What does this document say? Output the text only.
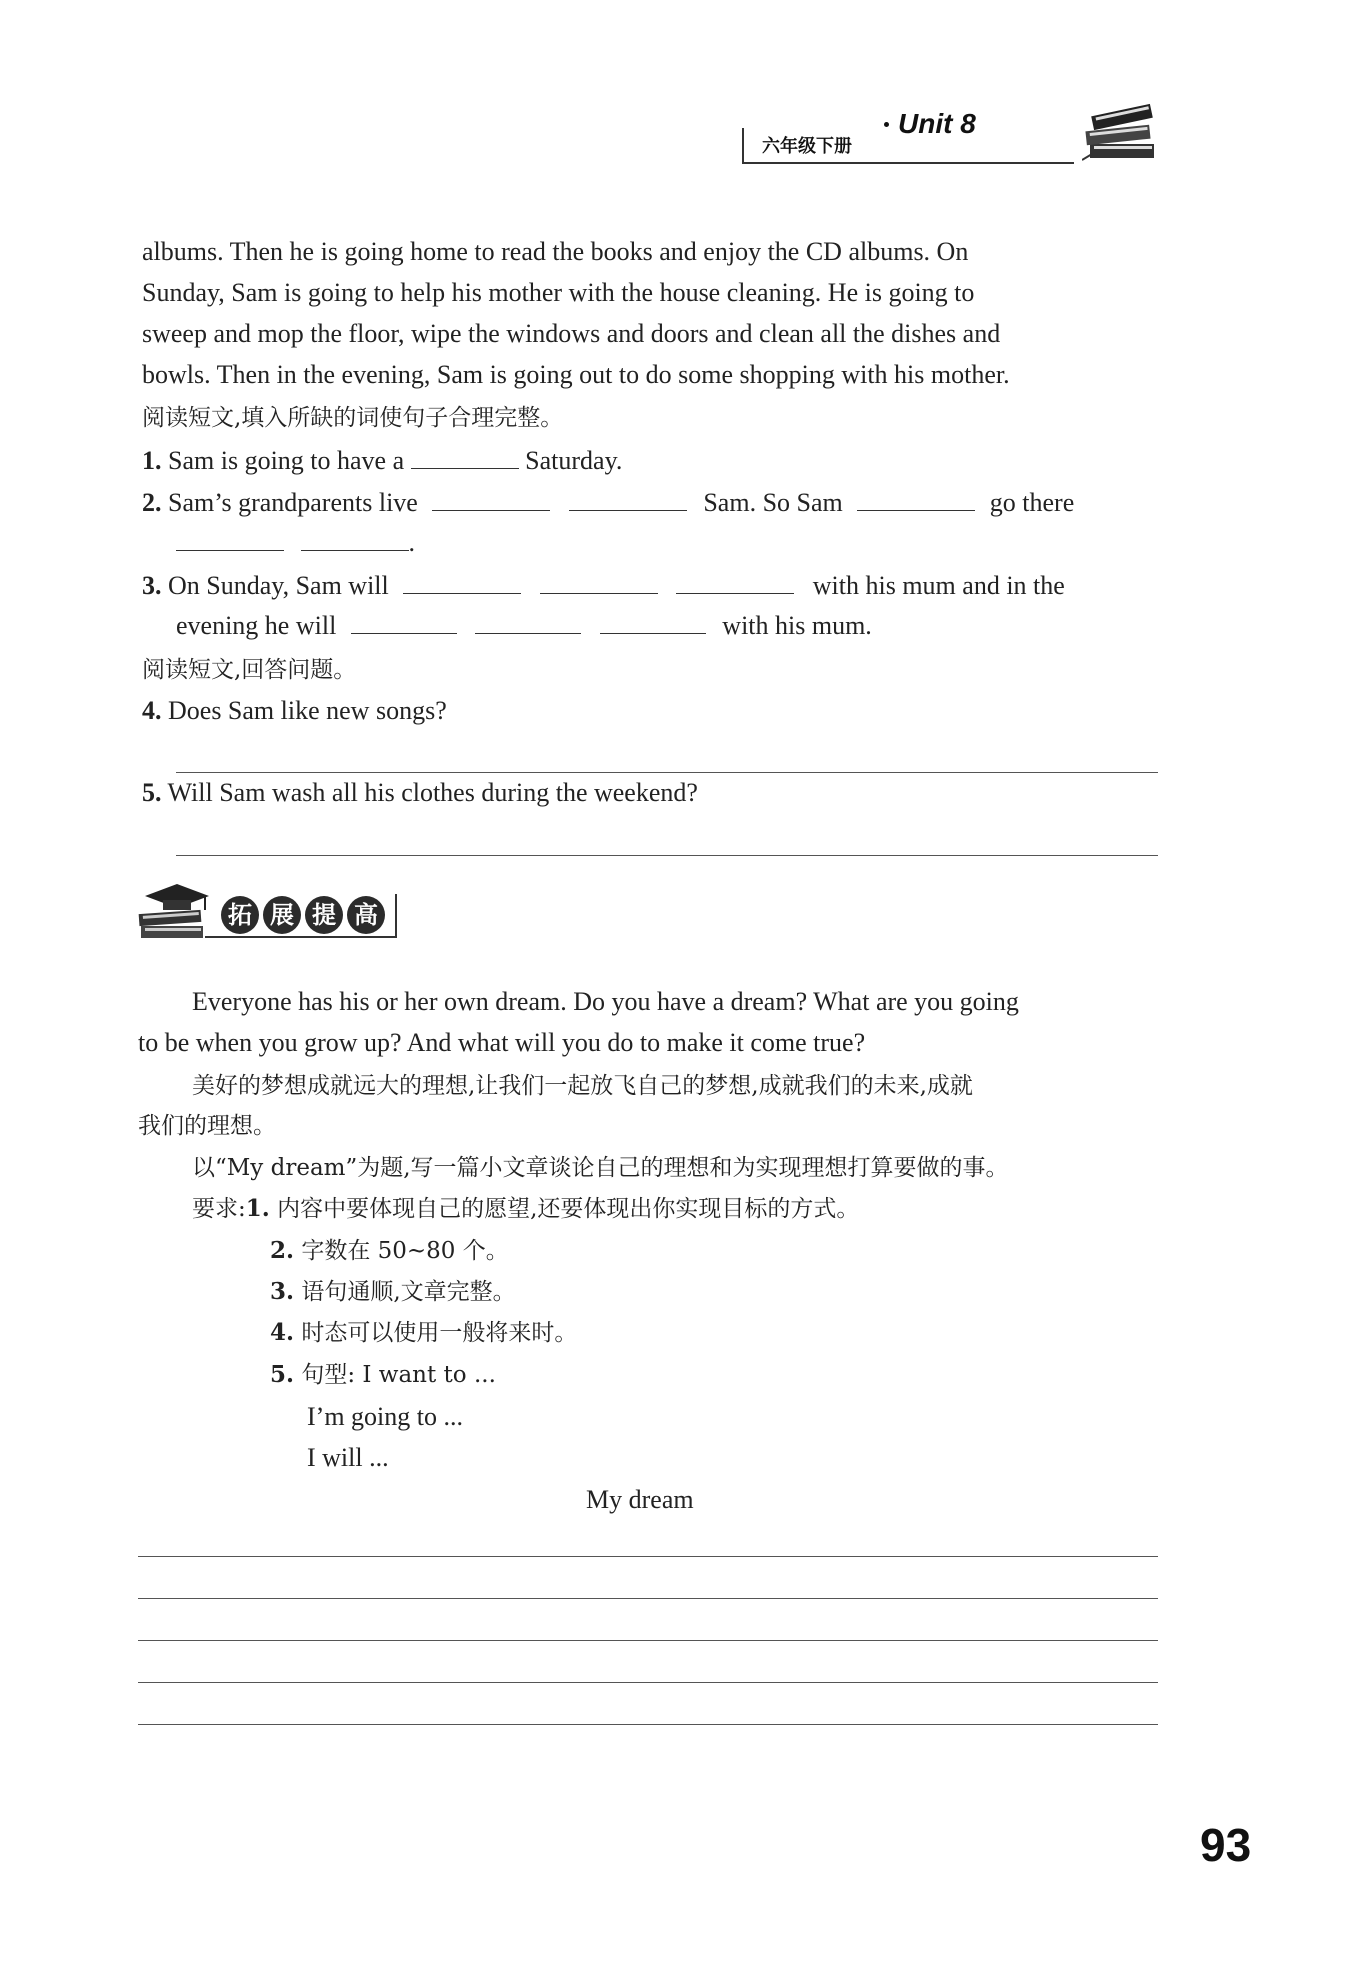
六年级下册
Unit 8
albums. Then he is going home to read the books and enjoy the CD albums. On
Sunday, Sam is going to help his mother with the house cleaning. He is going to
sweep and mop the floor, wipe the windows and doors and clean all the dishes and
bowls. Then in the evening, Sam is going out to do some shopping with his mother.
阅读短文,填入所缺的词使句子合理完整。
1. Sam is going to have a	Saturday.
2. Sam’s grandparents live	Sam. So Sam	go there
.
3. On Sunday, Sam will	with his mum and in the
evening he will	with his mum.
阅读短文,回答问题。
4. Does Sam like new songs?
5. Will Sam wash all his clothes during the weekend?
拓 展 提 高
Everyone has his or her own dream. Do you have a dream? What are you going
to be when you grow up? And what will you do to make it come true?
美好的梦想成就远大的理想,让我们一起放飞自己的梦想,成就我们的未来,成就
我们的理想。
以“My dream”为题,写一篇小文章谈论自己的理想和为实现理想打算要做的事。
要求:1. 内容中要体现自己的愿望,还要体现出你实现目标的方式。
2. 字数在 50~80 个。
3. 语句通顺,文章完整。
4. 时态可以使用一般将来时。
5. 句型: I want to ...
I’m going to ...
I will ...
My dream
93
